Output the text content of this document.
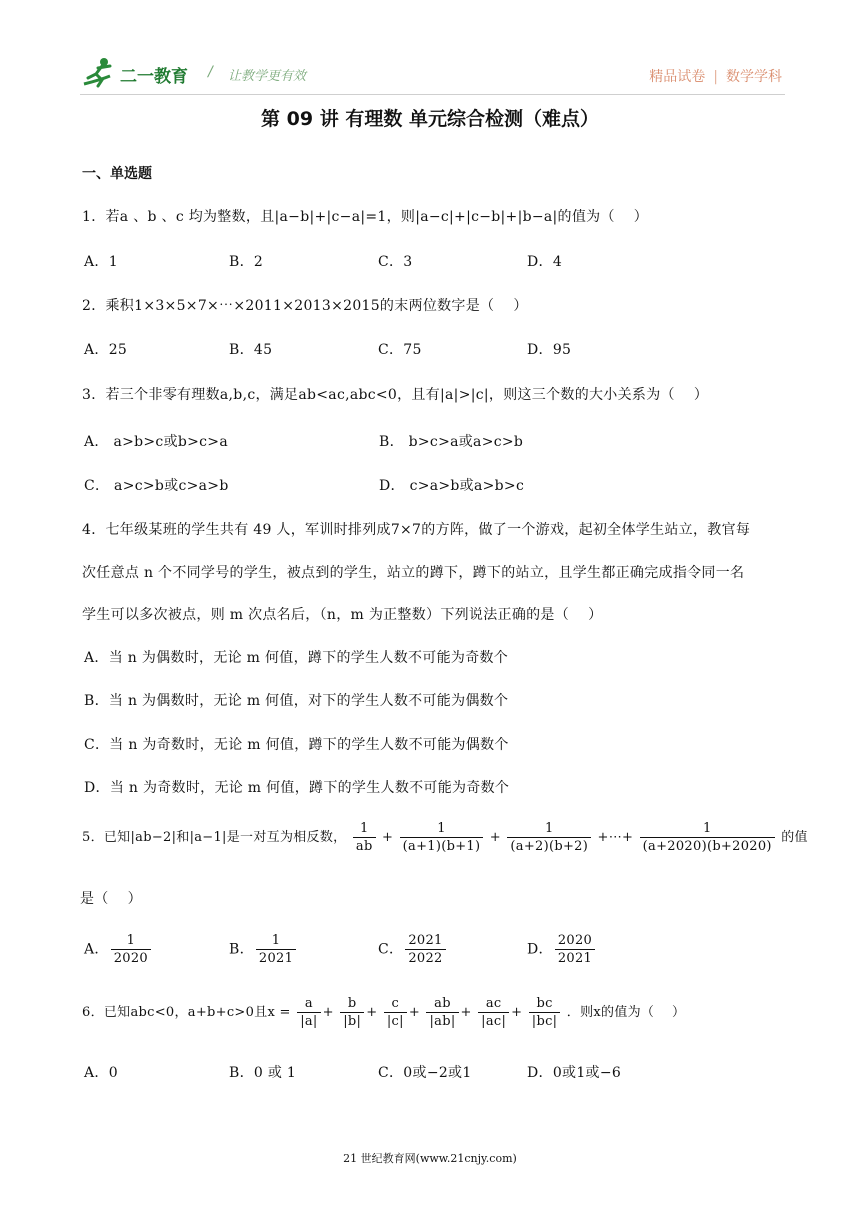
二一教育 / 让教学更有效	精品试卷 | 数学学科
第 09 讲 有理数 单元综合检测（难点）
一、单选题
1．若a 、b 、c 均为整数，且|a−b|+|c−a|=1，则|a−c|+|c−b|+|b−a|的值为（　 ）
A．1	B．2	C．3	D．4
2．乘积1×3×5×7×⋯×2011×2013×2015的末两位数字是（　 ）
A．25	B．45	C．75	D．95
3．若三个非零有理数a,b,c，满足ab<ac,abc<0，且有|a|>|c|，则这三个数的大小关系为（　 ）
A． a>b>c或b>c>a	B． b>c>a或a>c>b
C． a>c>b或c>a>b	D． c>a>b或a>b>c
4．七年级某班的学生共有 49 人，军训时排列成7×7的方阵，做了一个游戏，起初全体学生站立，教官每
次任意点 n 个不同学号的学生，被点到的学生，站立的蹲下，蹲下的站立，且学生都正确完成指令同一名
学生可以多次被点，则 m 次点名后，（n，m 为正整数）下列说法正确的是（　 ）
A．当 n 为偶数时，无论 m 何值，蹲下的学生人数不可能为奇数个
B．当 n 为偶数时，无论 m 何值，对下的学生人数不可能为偶数个
C．当 n 为奇数时，无论 m 何值，蹲下的学生人数不可能为偶数个
D．当 n 为奇数时，无论 m 何值，蹲下的学生人数不可能为奇数个
5．已知|ab−2|和|a−1|是一对互为相反数， $\frac{1}{ab} + \frac{1}{(a+1)(b+1)} + \frac{1}{(a+2)(b+2)}$ +⋯+ $\frac{1}{(a+2020)(b+2020)}$ 的值
是（　 ）
A． $\frac{1}{2020}$	B． $\frac{1}{2021}$	C． $\frac{2021}{2022}$	D． $\frac{2020}{2021}$
6．已知abc<0，a+b+c>0且$x = \frac{a}{|a|} + \frac{b}{|b|} + \frac{c}{|c|} + \frac{ab}{|ab|} + \frac{ac}{|ac|} + \frac{bc}{|bc|}$ ．则x的值为（　 ）
A．0	B．0 或 1	C．0或−2或1	D．0或1或−6
21 世纪教育网(www.21cnjy.com)
